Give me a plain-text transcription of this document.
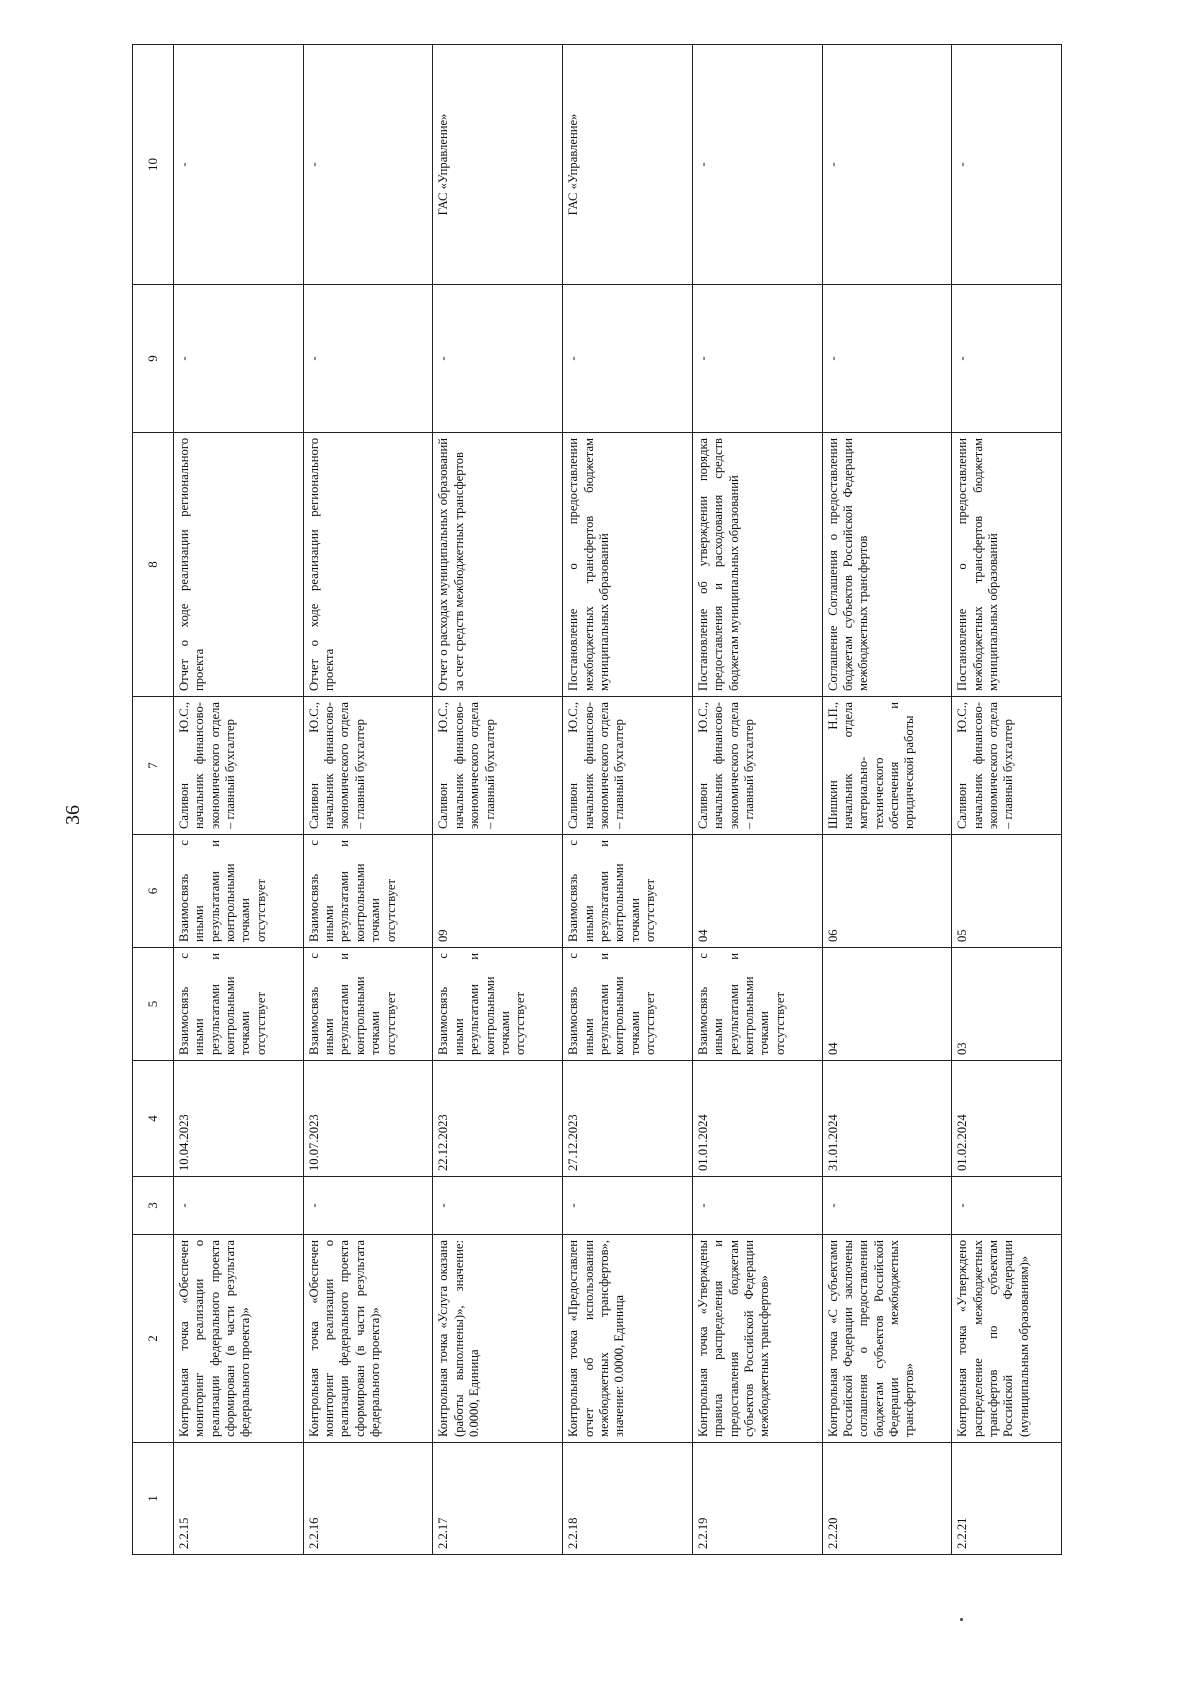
36
1	2	3	4	5	6	7	8	9	10
2.2.15	Контрольная точка «Обеспечен мониторинг реализации о реализации федерального проекта сформирован (в части результата федерального проекта)»	-	10.04.2023	Взаимосвязь с иными результатами и контрольными точками отсутствует	Взаимосвязь с иными результатами и контрольными точками отсутствует	Саливон Ю.С., начальник финансово-экономического отдела – главный бухгалтер	Отчет о ходе реализации регионального проекта	-	-
2.2.16	Контрольная точка «Обеспечен мониторинг реализации о реализации федерального проекта сформирован (в части результата федерального проекта)»	-	10.07.2023	Взаимосвязь с иными результатами и контрольными точками отсутствует	Взаимосвязь с иными результатами и контрольными точками отсутствует	Саливон Ю.С., начальник финансово-экономического отдела – главный бухгалтер	Отчет о ходе реализации регионального проекта	-	-
2.2.17	Контрольная точка «Услуга оказана (работы выполнены)», значение: 0.0000, Единица	-	22.12.2023	Взаимосвязь с иными результатами и контрольными точками отсутствует	09	Саливон Ю.С., начальник финансово-экономического отдела – главный бухгалтер	Отчет о расходах муниципальных образований за счет средств межбюджетных трансфертов	-	ГАС «Управление»
2.2.18	Контрольная точка «Предоставлен отчет об использовании межбюджетных трансфертов», значение: 0.0000, Единица	-	27.12.2023	Взаимосвязь с иными результатами и контрольными точками отсутствует	Взаимосвязь с иными результатами и контрольными точками отсутствует	Саливон Ю.С., начальник финансово-экономического отдела – главный бухгалтер	Постановление о предоставлении межбюджетных трансфертов бюджетам муниципальных образований	-	ГАС «Управление»
2.2.19	Контрольная точка «Утверждены правила распределения и предоставления бюджетам субъектов Российской Федерации межбюджетных трансфертов»	-	01.01.2024	Взаимосвязь с иными результатами и контрольными точками отсутствует	04	Саливон Ю.С., начальник финансово-экономического отдела – главный бухгалтер	Постановление об утверждении порядка предоставления и расходования средств бюджетам муниципальных образований	-	-
2.2.20	Контрольная точка «С субъектами Российской Федерации заключены соглашения о предоставлении бюджетам субъектов Российской Федерации межбюджетных трансфертов»	-	31.01.2024	04	06	Шишкин Н.П., начальник отдела материально-технического обеспечения и юридической работы	Соглашение Соглашения о предоставлении бюджетам субъектов Российской Федерации межбюджетных трансфертов	-	-
2.2.21	Контрольная точка «Утверждено распределение межбюджетных трансфертов по субъектам Российской Федерации (муниципальным образованиям)»	-	01.02.2024	03	05	Саливон Ю.С., начальник финансово-экономического отдела – главный бухгалтер	Постановление о предоставлении межбюджетных трансфертов бюджетам муниципальных образований	-	-
